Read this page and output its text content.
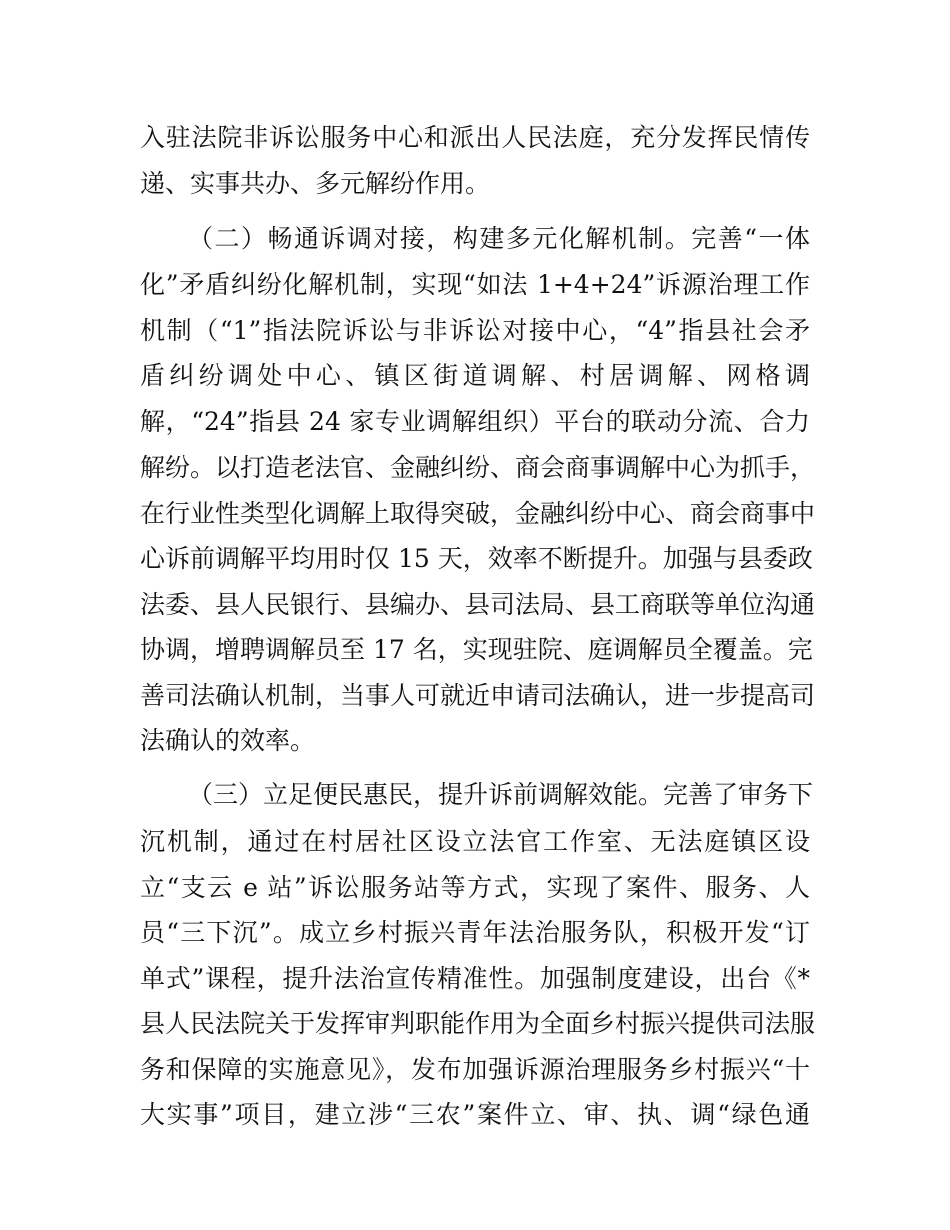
入驻法院非诉讼服务中心和派出人民法庭，充分发挥民情传
递、实事共办、多元解纷作用。
（二）畅通诉调对接，构建多元化解机制。完善“一体
化”矛盾纠纷化解机制，实现“如法 1+4+24”诉源治理工作
机制（“1”指法院诉讼与非诉讼对接中心，“4”指县社会矛
盾纠纷调处中心、镇区街道调解、村居调解、网格调
解，“24”指县 24 家专业调解组织）平台的联动分流、合力
解纷。以打造老法官、金融纠纷、商会商事调解中心为抓手，
在行业性类型化调解上取得突破，金融纠纷中心、商会商事中
心诉前调解平均用时仅 15 天，效率不断提升。加强与县委政
法委、县人民银行、县编办、县司法局、县工商联等单位沟通
协调，增聘调解员至 17 名，实现驻院、庭调解员全覆盖。完
善司法确认机制，当事人可就近申请司法确认，进一步提高司
法确认的效率。
（三）立足便民惠民，提升诉前调解效能。完善了审务下
沉机制，通过在村居社区设立法官工作室、无法庭镇区设
立“支云 e 站”诉讼服务站等方式，实现了案件、服务、人
员“三下沉”。成立乡村振兴青年法治服务队，积极开发“订
单式”课程，提升法治宣传精准性。加强制度建设，出台《*
县人民法院关于发挥审判职能作用为全面乡村振兴提供司法服
务和保障的实施意见》，发布加强诉源治理服务乡村振兴“十
大实事”项目，建立涉“三农”案件立、审、执、调“绿色通
